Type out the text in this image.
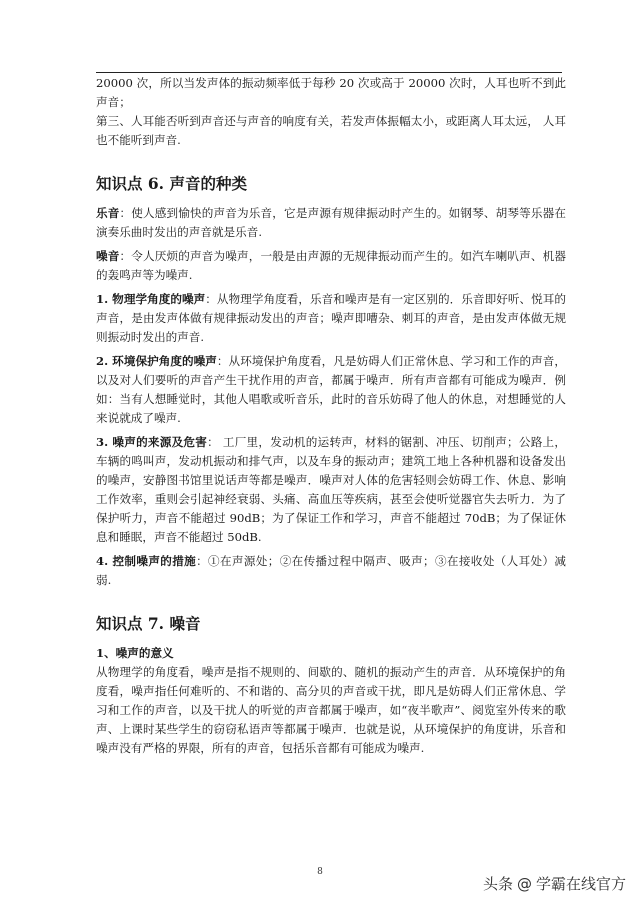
20000 次，所以当发声体的振动频率低于每秒 20 次或高于 20000 次时，人耳也听不到此声音；

第三、人耳能否听到声音还与声音的响度有关，若发声体振幅太小，或距离人耳太远， 人耳也不能听到声音.

知识点 6. 声音的种类

乐音：使人感到愉快的声音为乐音，它是声源有规律振动时产生的。如钢琴、胡琴等乐器在演奏乐曲时发出的声音就是乐音.

噪音：令人厌烦的声音为噪声，一般是由声源的无规律振动而产生的。如汽车喇叭声、机器的轰鸣声等为噪声.

1. 物理学角度的噪声：从物理学角度看，乐音和噪声是有一定区别的．乐音即好听、悦耳的声音，是由发声体做有规律振动发出的声音；噪声即嘈杂、刺耳的声音，是由发声体做无规则振动时发出的声音.

2. 环境保护角度的噪声：从环境保护角度看，凡是妨碍人们正常休息、学习和工作的声音， 以及对人们要听的声音产生干扰作用的声音，都属于噪声．所有声音都有可能成为噪声．例如：当有人想睡觉时，其他人唱歌或听音乐，此时的音乐妨碍了他人的休息，对想睡觉的人来说就成了噪声.

3. 噪声的来源及危害： 工厂里，发动机的运转声，材料的锯割、冲压、切削声；公路上，车辆的鸣叫声，发动机振动和排气声，以及车身的振动声；建筑工地上各种机器和设备发出的噪声，安静图书馆里说话声等都是噪声．噪声对人体的危害轻则会妨碍工作、休息、影响工作效率，重则会引起神经衰弱、头痛、高血压等疾病，甚至会使听觉器官失去听力．为了保护听力，声音不能超过 90dB；为了保证工作和学习，声音不能超过 70dB；为了保证休息和睡眠，声音不能超过 50dB.

4. 控制噪声的措施：①在声源处；②在传播过程中隔声、吸声；③在接收处（人耳处）减弱.

知识点 7. 噪音

1、噪声的意义

从物理学的角度看，噪声是指不规则的、间歇的、随机的振动产生的声音．从环境保护的角度看，噪声指任何难听的、不和谐的、高分贝的声音或干扰，即凡是妨碍人们正常休息、学习和工作的声音，以及干扰人的听觉的声音都属于噪声，如“夜半歌声”、阅览室外传来的歌声、上课时某些学生的窃窃私语声等都属于噪声．也就是说，从环境保护的角度讲，乐音和噪声没有严格的界限，所有的声音，包括乐音都有可能成为噪声.

8
头条 @ 学霸在线官方
